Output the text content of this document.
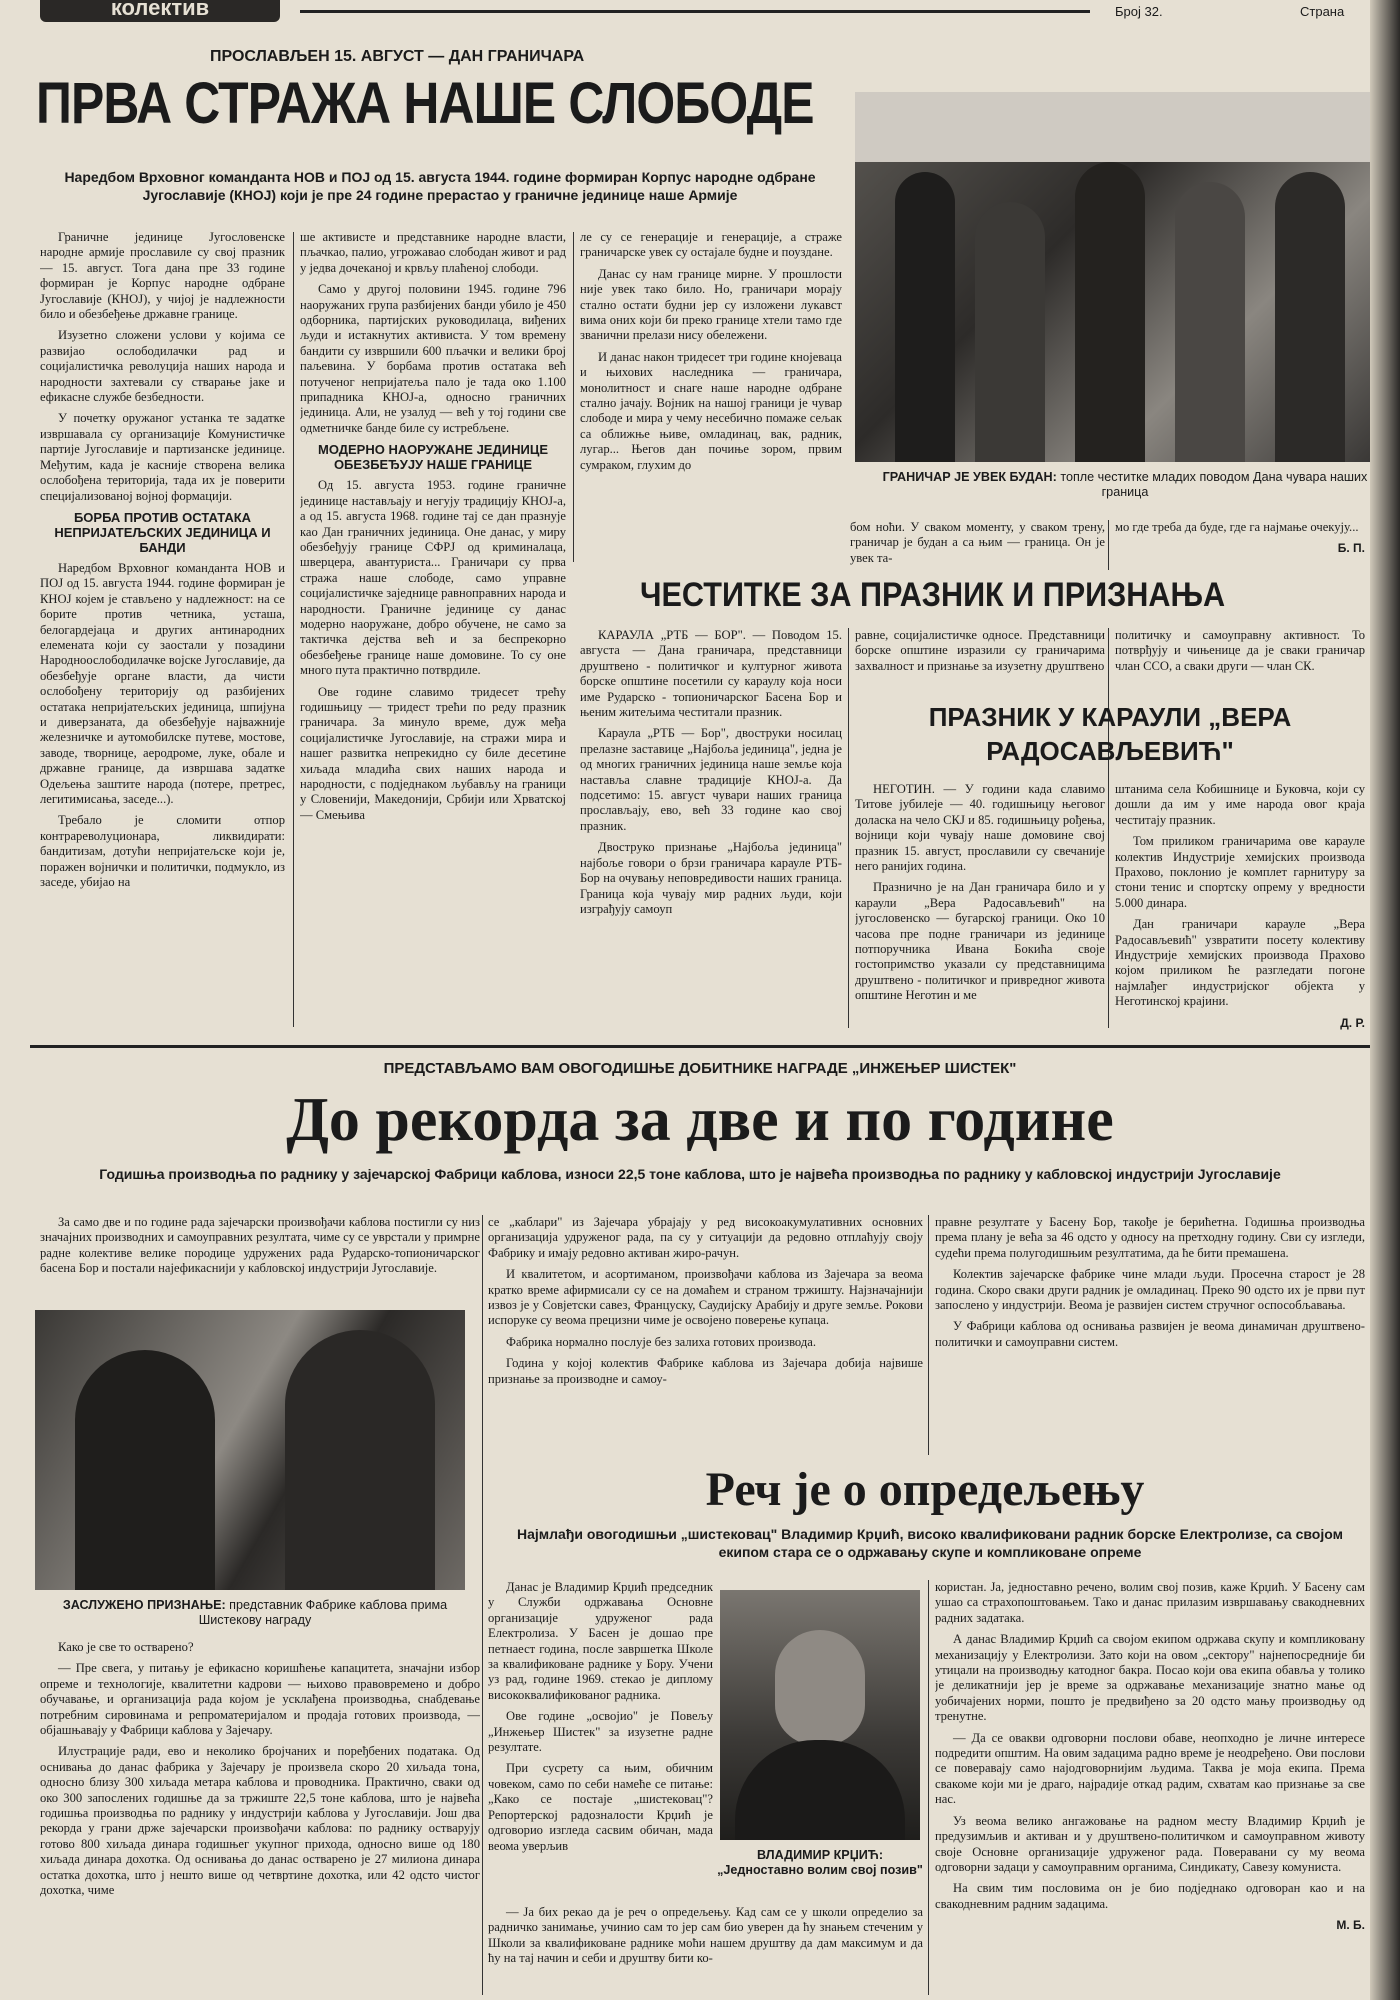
колектив	Број 32.	Страна
ПРОСЛАВЉЕН 15. АВГУСТ — ДАН ГРАНИЧАРА
ПРВА СТРАЖА НАШЕ СЛОБОДЕ
Наредбом Врховног команданта НОВ и ПОЈ од 15. августа 1944. године формиран Корпус народне одбране Југославије (КНОЈ) који је пре 24 године прерастао у граничне јединице наше Армије

Граничне јединице Југословенске народне армије прославиле су свој празник — 15. август. Тога дана пре 33 године формиран је Корпус народне одбране Југославије (КНОЈ), у чијој је надлежности било и обезбеђење државне границе.

Изузетно сложени услови у којима се развијао ослободилачки рад и социјалистичка револуција наших народа и народности захтевали су стварање јаке и ефикасне службе безбедности.

У почетку оружаног устанка те задатке извршавала су организације Комунистичке партије Југославије и партизанске јединице. Међутим, када је касније створена велика ослобођена територија, тада их је поверити специјализованој војној формацији.

БОРБА ПРОТИВ ОСТАТАКА НЕПРИЈАТЕЉСКИХ ЈЕДИНИЦА И БАНДИ

Наредбом Врховног команданта НОВ и ПОЈ од 15. августа 1944. године формиран је КНОЈ којем је стављено у надлежност: на се борите против четника, усташа, белогардејаца и других антинародних елемената који су заостали у позадини Народноослободилачке војске Југославије, да обезбеђује органе власти, да чисти ослобођену територију од разбијених остатака непријатељских јединица, шпијуна и диверзаната, да обезбеђује најважније железничке и аутомобилске путеве, мостове, заводе, творнице, аеродроме, луке, обале и државне границе, да извршава задатке Одељења заштите народа (потере, претрес, легитимисања, заседе...).

Требало је сломити отпор контрареволуционара, ликвидирати: бандитизам, дотући непријатељске који је, поражен војнички и политички, подмукло, из заседе, убијао на

ше активисте и представнике народне власти, пљачкао, палио, угрожавао слободан живот и рад у једва дочеканој и крвљу плаћеној слободи.

Само у другој половини 1945. године 796 наоружаних група разбијених банди убило је 450 одборника, партијских руководилаца, виђених људи и истакнутих активиста. У том времену бандити су извршили 600 пљачки и велики број паљевина. У борбама против остатака већ потученог непријатеља пало је тада око 1.100 припадника КНОЈ-а, односно граничних јединица. Али, не узалуд — већ у тој години све одметничке банде биле су истребљене.

МОДЕРНО НАОРУЖАНЕ ЈЕДИНИЦЕ ОБЕЗБЕЂУЈУ НАШЕ ГРАНИЦЕ

Од 15. августа 1953. године граничне јединице настављају и негују традицију КНОЈ-а, а од 15. августа 1968. године тај се дан празнује као Дан граничних јединица. Оне данас, у миру обезбеђују границе СФРЈ од криминалаца, шверцера, авантуриста... Граничари су прва стража наше слободе, само управне социјалистичке заједнице равноправних народа и народности. Граничне јединице су данас модерно наоружане, добро обучене, не само за тактичка дејства већ и за беспрекорно обезбеђење границе наше домовине. То су оне много пута практично потврдиле.

Ове године славимо тридесет трећу годишњицу — тридест трећи по реду празник граничара. За минуло време, дуж међа социјалистичке Југославије, на стражи мира и нашег развитка непрекидно су биле десетине хиљада младића свих наших народа и народности, с подједнаком љубављу на граници у Словенији, Македонији, Србији или Хрватској — Смењива

ле су се генерације и генерације, а страже граничарске увек су остајале будне и поуздане.

Данас су нам границе мирне. У прошлости није увек тако било. Но, граничари морају стално остати будни јер су изложени лукавст вима оних који би преко границе хтели тамо где званични прелази нису обележени.

И данас након тридесет три године кнојеваца и њихових наследника — граничара, монолитност и снаге наше народне одбране стално јачају. Војник на нашој граници је чувар слободе и мира у чему несебично помаже сељак са оближње њиве, омладинац, вак, радник, лугар... Његов дан почиње зором, првим сумраком, глухим до

ГРАНИЧАР ЈЕ УВЕК БУДАН: топле честитке младих поводом Дана чувара наших граница

бом ноћи. У сваком моменту, у сваком трену, граничар је будан а са њим — граница. Он је увек та-

мо где треба да буде, где га најмање очекују...

Б. П.

ЧЕСТИТКЕ ЗА ПРАЗНИК И ПРИЗНАЊА

КАРАУЛА „РТБ — БОР". — Поводом 15. августа — Дана граничара, представници друштвено - политичког и културног живота борске општине посетили су караулу која носи име Рударско - топионичарског Басена Бор и њеним житељима честитали празник.

Караула „РТБ — Бор", двоструки носилац прелазне заставице „Најбоља јединица", једна је од многих граничних јединица наше земље која наставља славне традиције КНОЈ-а. Да подсетимо: 15. август чувари наших граница прослављају, ево, већ 33 године као свој празник.

Двоструко признање „Најбоља јединица" најбоље говори о брзи граничара карауле РТБ-Бор на очувању неповредивости наших граница. Граница која чувају мир радних људи, који изграђују самоуп

равне, социјалистичке односе. Представници борске општине изразили су граничарима захвалност и признање за изузетну друштвено

политичку и самоуправну активност. То потврђују и чињенице да је сваки граничар члан ССО, а сваки други — члан СК.

ПРАЗНИК У КАРАУЛИ „ВЕРА РАДОСАВЉЕВИЋ"

НЕГОТИН. — У години када славимо Титове јубилеје — 40. годишњицу његовог доласка на чело СКЈ и 85. годишњицу рођења, војници који чувају наше домовине свој празник 15. август, прославили су свечаније него ранијих година.

Празнично је на Дан граничара било и у караули „Вера Радосављевић" на југословенско — бугарској граници. Око 10 часова пре подне граничари из јединице потпоручника Ивана Бокића своје гостопримство указали су представницима друштвено - политичког и привредног живота општине Неготин и ме

штанима села Кобишнице и Буковча, који су дошли да им у име народа овог краја честитају празник.

Том приликом граничарима ове карауле колектив Индустрије хемијских производа Прахово, поклонио је комплет гарнитуру за стони тенис и спортску опрему у вредности 5.000 динара.

Дан граничари карауле „Вера Радосављевић" узвратити посету колективу Индустрије хемијских производа Прахово којом приликом ће разгледати погоне најмлађег индустријског објекта у Неготинској крајини.

Д. Р.

ПРЕДСТАВЉАМО ВАМ ОВОГОДИШЊЕ ДОБИТНИКЕ НАГРАДЕ „ИНЖЕЊЕР ШИСТЕК"
До рекорда за две и по године
Годишња производња по раднику у зајечарској Фабрици каблова, износи 22,5 тоне каблова, што је највећа производња по раднику у кабловској индустрији Југославије

За само две и по године рада зајечарски произвођачи каблова постигли су низ значајних производних и самоуправних резултата, чиме су се уврстали у примрне радне колективе велике породице удружених рада Рударско-топионичарског басена Бор и постали најефикаснији у кабловској индустрији Југославије.

ЗАСЛУЖЕНО ПРИЗНАЊЕ: представник Фабрике каблова прима Шистекову награду

Како је све то остварено?

— Пре свега, у питању је ефикасно коришћење капацитета, значајни избор опреме и технологије, квалитетни кадрови — њихово правовремено и добро обучавање, и организација рада којом је усклађена производња, снабдевање потребним сировинама и репроматеријалом и продаја готових производа, — објашњавају у Фабрици каблова у Зајечару.

Илустрације ради, ево и неколико бројчаних и поређбених података. Од оснивања до данас фабрика у Зајечару је произвела скоро 20 хиљада тона, односно близу 300 хиљада метара каблова и проводника. Практично, сваки од око 300 запослених годишње да за тржиште 22,5 тоне каблова, што је највећа годишња производња по раднику у индустрији каблова у Југославији. Још два рекорда у грани држе зајечарски произвођачи каблова: по раднику остварују готово 800 хиљада динара годишњег укупног прихода, односно више од 180 хиљада динара дохотка. Од оснивања до данас остварено је 27 милиона динара остатка дохотка, што ј нешто више од четвртине дохотка, или 42 одсто чистог дохотка, чиме

се „каблари" из Зајечара убрајају у ред високоакумулативних основних организација удруженог рада, па су у ситуацији да редовно отплаћују своју Фабрику и имају редовно активан жиро-рачун.

И квалитетом, и асортиманом, произвођачи каблова из Зајечара за веома кратко време афирмисали су се на домаћем и страном тржишту. Најзначајнији извоз је у Совјетски савез, Француску, Саудијску Арабију и друге земље. Рокови испоруке су веома прецизни чиме је освојено поверење купаца.

Фабрика нормално послује без залиха готових производа.

Година у којој колектив Фабрике каблова из Зајечара добија највише признање за производне и самоу-

правне резултате у Басену Бор, такође је берићетна. Годишња производња према плану је већа за 46 одсто у односу на претходну годину. Сви су изгледи, судећи према полугодишњим резултатима, да ће бити премашена.

Колектив зајечарске фабрике чине млади људи. Просечна старост је 28 година. Скоро сваки други радник је омладинац. Преко 90 одсто их је први пут запослено у индустрији. Веома је развијен систем стручног оспособљавања.

У Фабрици каблова од оснивања развијен је веома динамичан друштвено-политички и самоуправни систем.

Реч је о опредељењу
Најмлађи овогодишњи „шистековац" Владимир Крџић, високо квалификовани радник борске Електролизе, са својом екипом стара се о одржавању скупе и компликоване опреме

Данас је Владимир Крџић председник у Служби одржавања Основне организације удруженог рада Електролиза. У Басен је дошао пре петнаест година, после завршетка Школе за квалификоване раднике у Бору. Учени уз рад, године 1969. стекао је диплому висококвалификованог радника.

Ове године „освојио" је Повељу „Инжењер Шистек" за изузетне радне резултате.

При сусрету са њим, обичним човеком, само по себи намеће се питање: „Како се постаје „шистековац"? Репортерској радозналости Крџић је одговорио изгледа сасвим обичан, мада веома уверљив

ВЛАДИМИР КРЏИЋ:
„Једноставно волим свој позив"

— Ја бих рекао да је реч о опредељењу. Кад сам се у школи определио за радничко занимање, учинио сам то јер сам био уверен да ћу знањем стеченим у Школи за квалификоване раднике моћи нашем друштву да дам максимум и да ћу на тај начин и себи и друштву бити ко-

користан. Ја, једноставно речено, волим свој позив, каже Крџић. У Басену сам ушао са страхопоштовањем. Тако и данас прилазим извршавању свакодневних радних задатака.

А данас Владимир Крџић са својом екипом одржава скупу и компликовану механизацију у Електролизи. Зато који на овом „сектору" најнепосредније би утицали на производњу катодног бакра. Посао који ова екипа обавља у толико је деликатнији јер је време за одржавање механизације знатно мање од уобичајених норми, пошто је предвиђено за 20 одсто мању производњу од тренутне.

— Да се овакви одговорни послови обаве, неопходно је личне интересе подредити општим. На овим задацима радно време је неодређено. Ови послови се поверавају само најодговорнијим људима. Таква је моја екипа. Према свакоме који ми је драго, најрадије откад радим, схватам као признање за све нас.

Уз веома велико ангажовање на радном месту Владимир Крџић је предузимљив и активан и у друштвено-политичком и самоуправном животу своје Основне организације удруженог рада. Поверавани су му веома одговорни задаци у самоуправним органима, Синдикату, Савезу комуниста.

На свим тим пословима он је био подједнако одговоран као и на свакодневним радним задацима.

М. Б.
